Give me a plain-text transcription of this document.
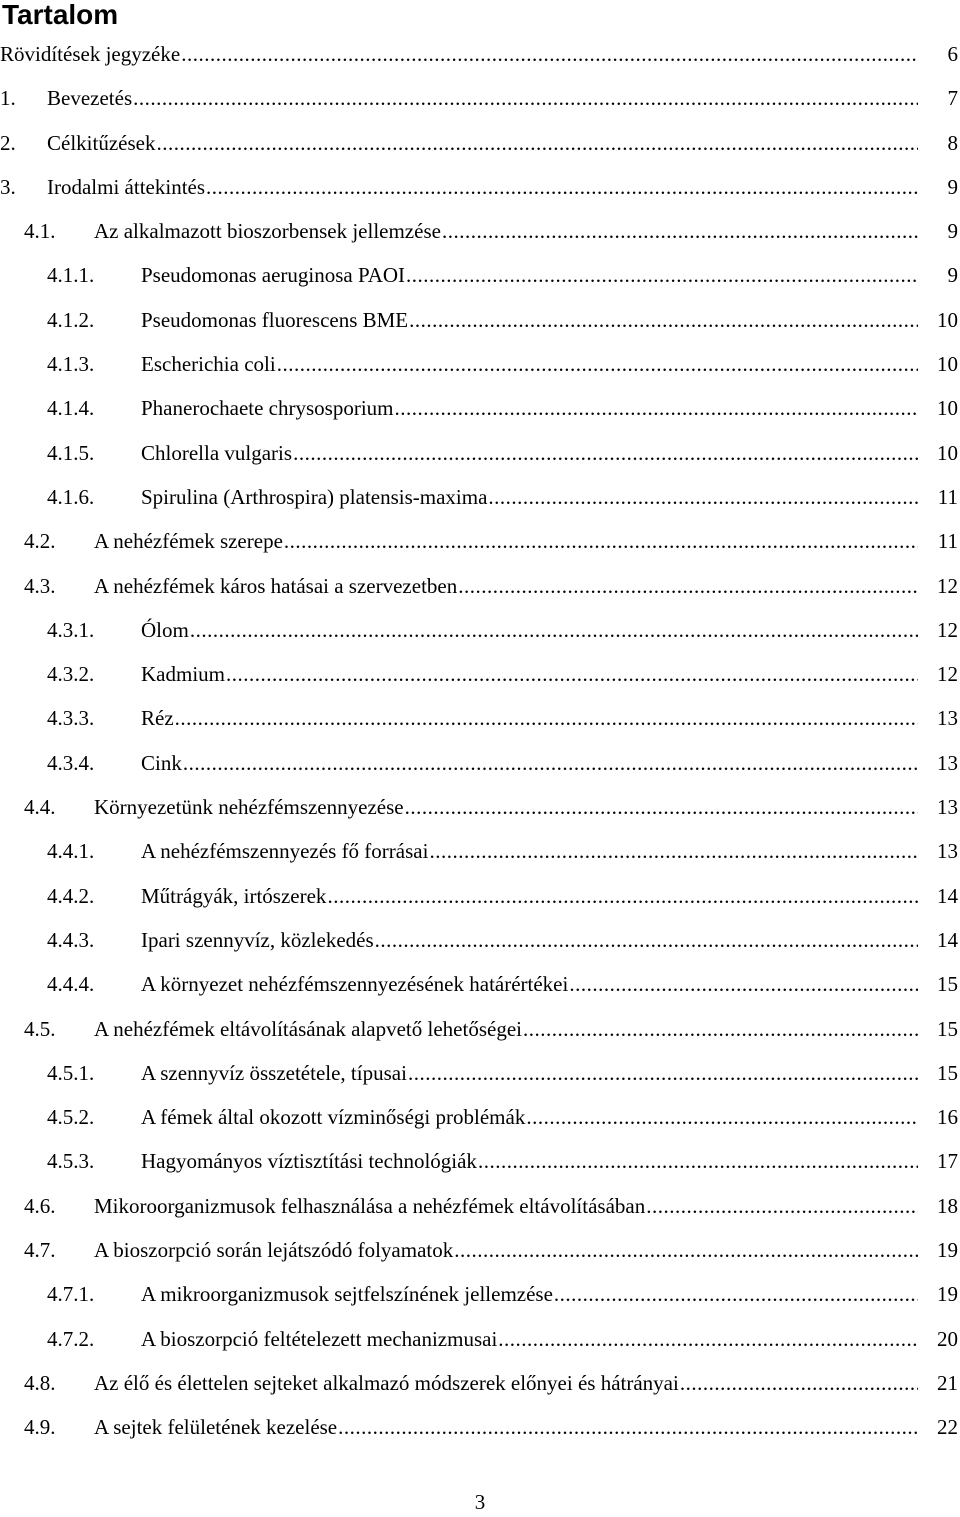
Tartalom
Rövidítések jegyzéke .....	6
1. Bevezetés .....	7
2. Célkitűzések .....	8
3. Irodalmi áttekintés .....	9
4.1. Az alkalmazott bioszorbensek jellemzése .....	9
4.1.1. Pseudomonas aeruginosa PAOI .....	9
4.1.2. Pseudomonas fluorescens BME .....	10
4.1.3. Escherichia coli .....	10
4.1.4. Phanerochaete chrysosporium .....	10
4.1.5. Chlorella vulgaris .....	10
4.1.6. Spirulina (Arthrospira) platensis-maxima .....	11
4.2. A nehézfémek szerepe .....	11
4.3. A nehézfémek káros hatásai a szervezetben .....	12
4.3.1. Ólom .....	12
4.3.2. Kadmium .....	12
4.3.3. Réz .....	13
4.3.4. Cink .....	13
4.4. Környezetünk nehézfémszennyezése .....	13
4.4.1. A nehézfémszennyezés fő forrásai .....	13
4.4.2. Műtrágyák, irtószerek .....	14
4.4.3. Ipari szennyvíz, közlekedés .....	14
4.4.4. A környezet nehézfémszennyezésének határértékei .....	15
4.5. A nehézfémek eltávolításának alapvető lehetőségei .....	15
4.5.1. A szennyvíz összetétele, típusai .....	15
4.5.2. A fémek által okozott vízminőségi problémák .....	16
4.5.3. Hagyományos víztisztítási technológiák .....	17
4.6. Mikoroorganizmusok felhasználása a nehézfémek eltávolításában .....	18
4.7. A bioszorpció során lejátszódó folyamatok .....	19
4.7.1. A mikroorganizmusok sejtfelszínének jellemzése .....	19
4.7.2. A bioszorpció feltételezett mechanizmusai .....	20
4.8. Az élő és élettelen sejteket alkalmazó módszerek előnyei és hátrányai .....	21
4.9. A sejtek felületének kezelése .....	22
3
